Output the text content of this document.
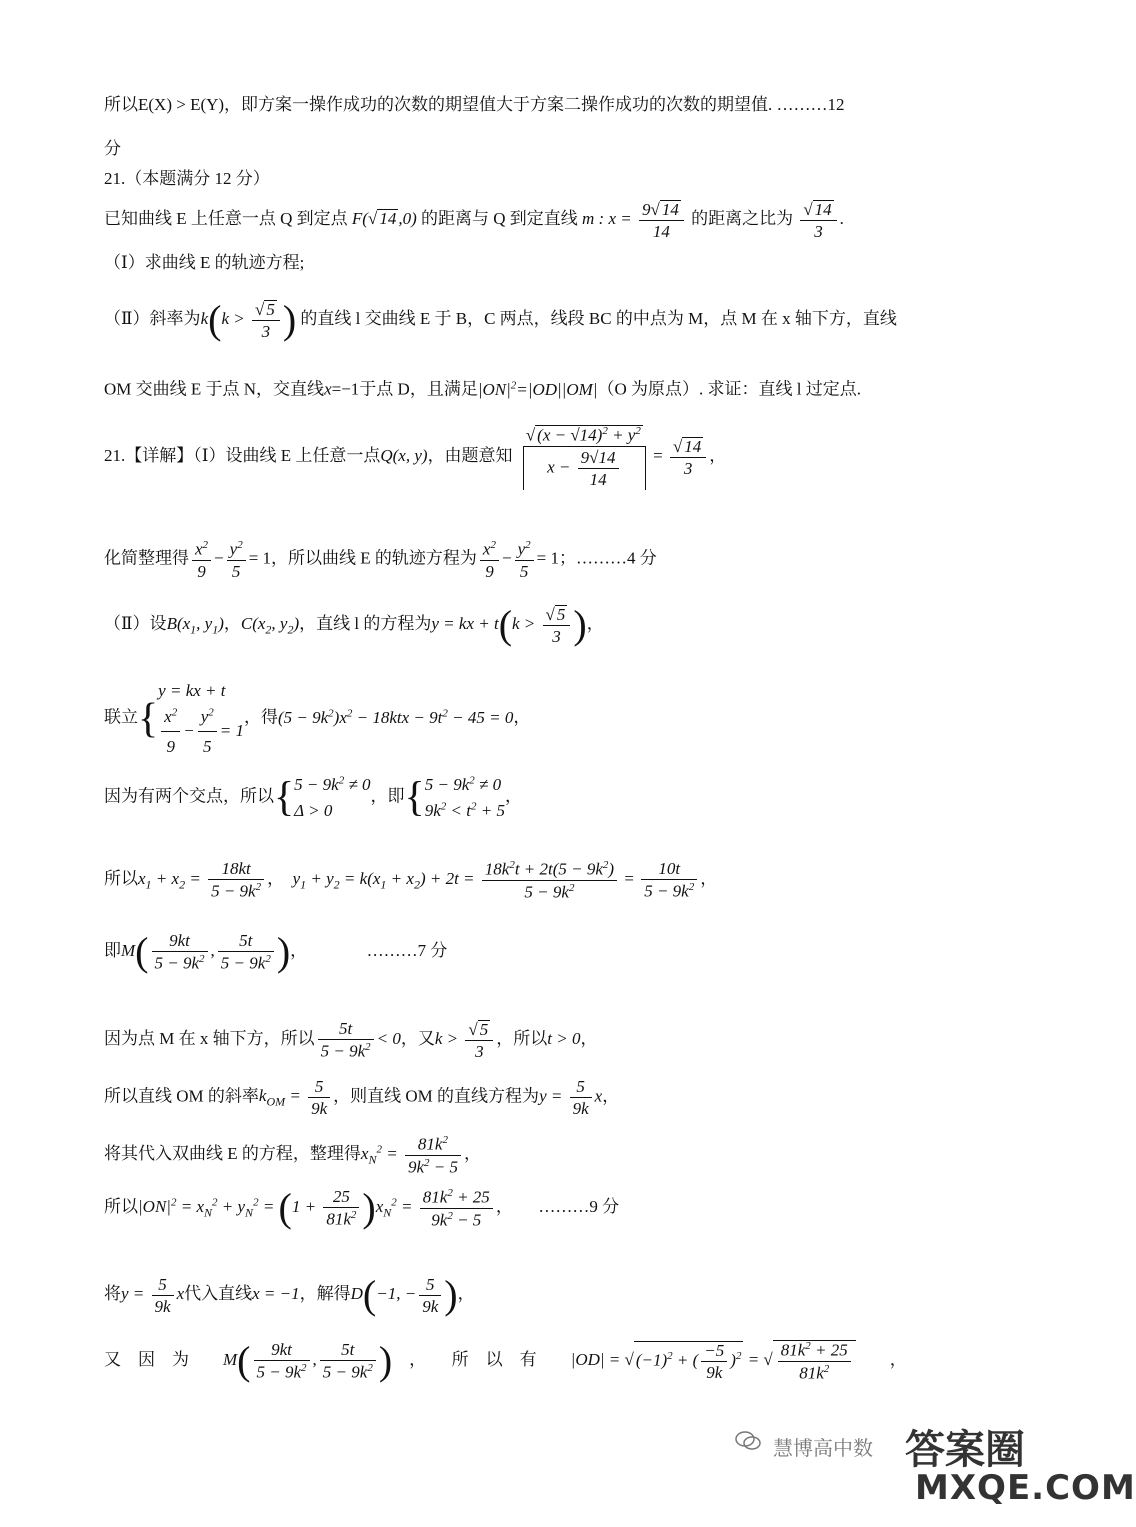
所以E(X) > E(Y)，即方案一操作成功的次数的期望值大于方案二操作成功的次数的期望值. ………12
分
21.（本题满分 12 分）
已知曲线 E 上任意一点 Q 到定点 F(√ 14 ,0) 的距离与 Q 到定直线 m : $x = \frac{9√ 14}{14}$ 的距离之比为 $\frac{√ 14}{3}$ .
（Ⅰ）求曲线 E 的轨迹方程;
（Ⅱ）斜率为$k(k > \frac{√ 5}{3}$ ) 的直线 l 交曲线 E 于 B，C 两点，线段 BC 的中点为 M，点 M 在 x 轴下方，直线
OM 交曲线 E 于点 N，交直线x=−1于点 D，且满足$|ON|^2=|OD||OM|(O$ 为原点）. 求证：直线 l 过定点.
21.【详解】（Ⅰ）设曲线 E 上任意一点Q(x, y)，由题意知 $\frac{√ (x - √14)^2 + y^2}{x - \frac{9√14}{14}} = \frac{√ 14}{3}$ ，
化简整理得 $\frac{x^2}{9} - \frac{y^2}{5} = 1$，所以曲线 E 的轨迹方程为 $\frac{x^2}{9} - \frac{y^2}{5} = 1$；………4 分
（Ⅱ）设$B(x_1$, $y_1$)，$C(x_2$, $y_2$)，直线 l 的方程为y = kx + $t(k > \frac{√ 5}{3}$ )，
联立{
y = kx + t
$\frac{x^2}{9} - \frac{y^2}{5} = 1$
，得$(5 - 9k^2)x^2 - 18ktx - 9t^2 - 45 = 0$，
因为有两个交点，所以{ $5 - 9k^2 \ne 0$
Δ > 0
，即{ $5 - 9k^2 \ne 0$
$9k^2 < t^2 + 5$
，
所以$x_1 + x_2 = \frac{18kt}{5 - 9k^2}$ ，　$y_1 + y_2 = k(x_1 + x_2) + 2t = \frac{18k^2t + 2t(5 - 9k^2)}{5 - 9k^2} = \frac{10t}{5 - 9k^2}$ ，
即$M( \frac{9kt}{5 - 9k^2}$ , $\frac{5t}{5 - 9k^2}$ )，　　　　………7 分
因为点 M 在 x 轴下方，所以 $\frac{5t}{5 - 9k^2} < 0$，又$k > \frac{√ 5}{3}$ ，所以t > 0，
所以直线 OM 的斜率$k_{OM} = \frac{5}{9k}$ ，则直线 OM 的直线方程为$y = \frac{5}{9k}$ x，
将其代入双曲线 E 的方程，整理得$x_N^2 = \frac{81k^2}{9k^2 - 5}$ ，
所以$|ON|^2 = x_N^2 + y_N^2 = (1 + \frac{25}{81k^2} )x_N^2 = \frac{81k^2 + 25}{9k^2 - 5}$ ，　　………9 分
将$y = \frac{5}{9k}$ x代入直线x = −1，解得D(−1, − $\frac{5}{9k}$ )，
又　因　为　　 $M( \frac{9kt}{5 - 9k^2}$ , $\frac{5t}{5 - 9k^2}$ )　 ，　　所　以　有　　 |OD| = √ $(-1)^2$ + ( $\frac{-5}{9k} )^2$ = √ $\frac{81k^2 + 25}{81k^2}$ 　　，
慧博高中数 答案圈
MXQE.COM
